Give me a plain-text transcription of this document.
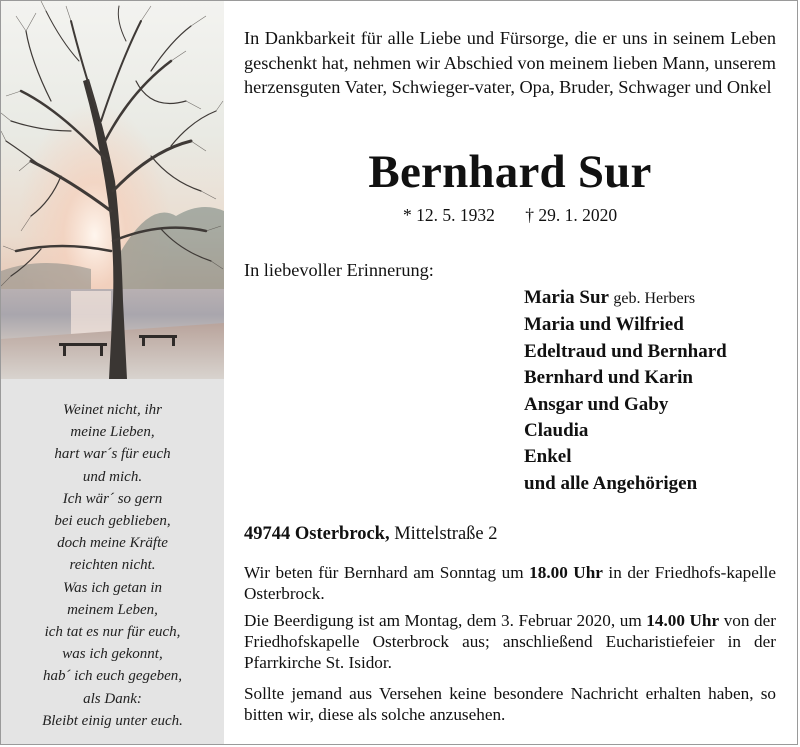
Weinet nicht, ihr
meine Lieben,
hart war´s für euch
und mich.
Ich wär´ so gern
bei euch geblieben,
doch meine Kräfte
reichten nicht.
Was ich getan in
meinem Leben,
ich tat es nur für euch,
was ich gekonnt,
hab´ ich euch gegeben,
als Dank:
Bleibt einig unter euch.
In Dankbarkeit für alle Liebe und Fürsorge, die er uns in seinem Leben geschenkt hat, nehmen wir Abschied von meinem lieben Mann, unserem herzensguten Vater, Schwieger-vater, Opa, Bruder, Schwager und Onkel
Bernhard Sur
* 12. 5. 1932 † 29. 1. 2020
In liebevoller Erinnerung:
Maria Sur geb. Herbers
Maria und Wilfried
Edeltraud und Bernhard
Bernhard und Karin
Ansgar und Gaby
Claudia
Enkel
und alle Angehörigen
49744 Osterbrock, Mittelstraße 2
Wir beten für Bernhard am Sonntag um 18.00 Uhr in der Friedhofs-kapelle Osterbrock.
Die Beerdigung ist am Montag, dem 3. Februar 2020, um 14.00 Uhr von der Friedhofskapelle Osterbrock aus; anschließend Eucharistiefeier in der Pfarrkirche St. Isidor.
Sollte jemand aus Versehen keine besondere Nachricht erhalten haben, so bitten wir, diese als solche anzusehen.
